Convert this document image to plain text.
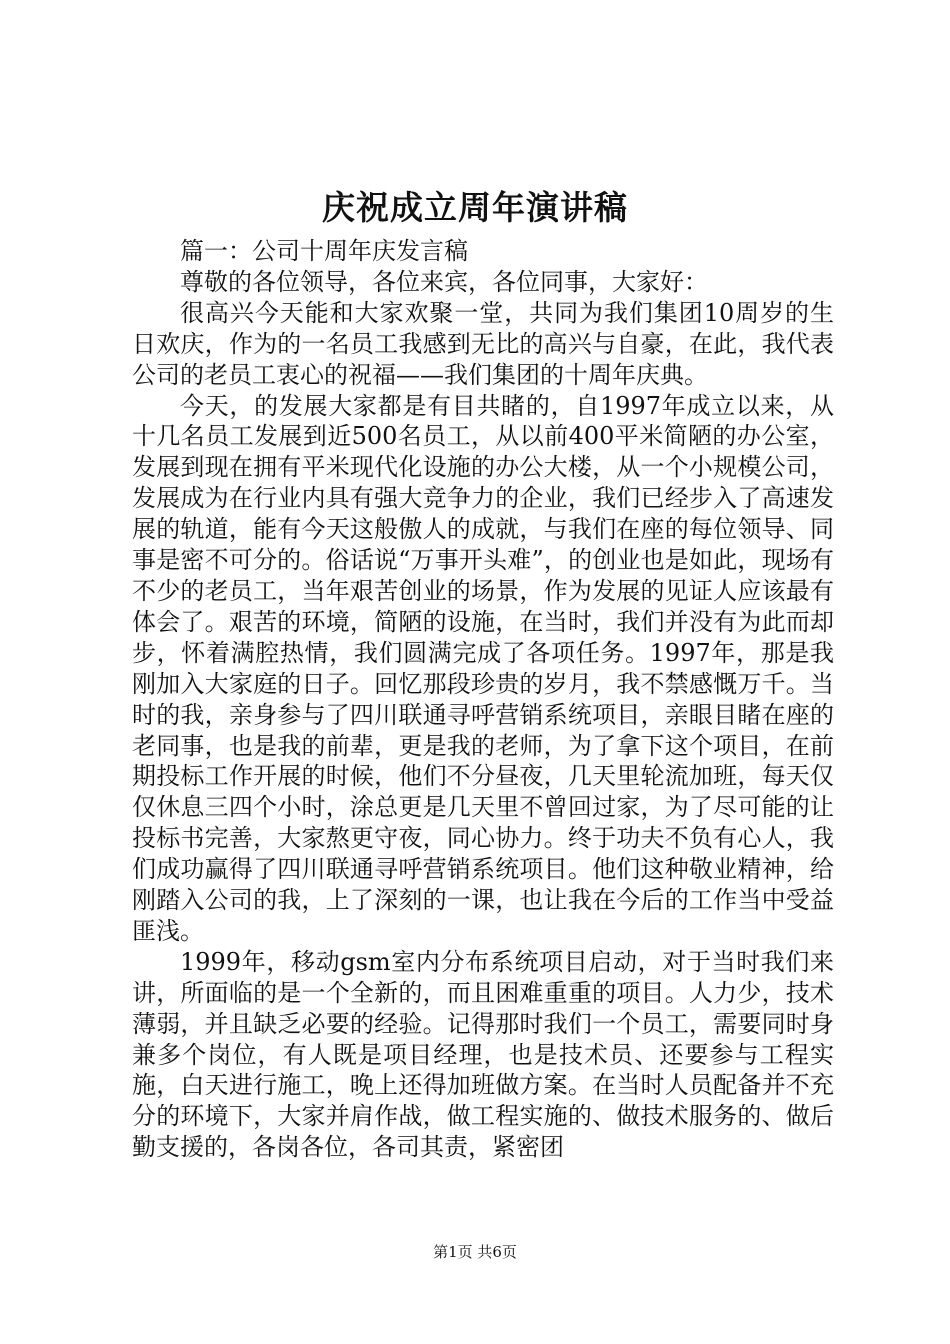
庆祝成立周年演讲稿

篇一：公司十周年庆发言稿

尊敬的各位领导，各位来宾，各位同事，大家好：

很高兴今天能和大家欢聚一堂，共同为我们集团10周岁的生日欢庆，作为的一名员工我感到无比的高兴与自豪，在此，我代表公司的老员工衷心的祝福——我们集团的十周年庆典。

今天，的发展大家都是有目共睹的，自1997年成立以来，从十几名员工发展到近500名员工，从以前400平米简陋的办公室，发展到现在拥有平米现代化设施的办公大楼，从一个小规模公司，发展成为在行业内具有强大竞争力的企业，我们已经步入了高速发展的轨道，能有今天这般傲人的成就，与我们在座的每位领导、同事是密不可分的。俗话说“万事开头难”，的创业也是如此，现场有不少的老员工，当年艰苦创业的场景，作为发展的见证人应该最有体会了。艰苦的环境，简陋的设施，在当时，我们并没有为此而却步，怀着满腔热情，我们圆满完成了各项任务。1997年，那是我刚加入大家庭的日子。回忆那段珍贵的岁月，我不禁感慨万千。当时的我，亲身参与了四川联通寻呼营销系统项目，亲眼目睹在座的老同事，也是我的前辈，更是我的老师，为了拿下这个项目，在前期投标工作开展的时候，他们不分昼夜，几天里轮流加班，每天仅仅休息三四个小时，涂总更是几天里不曾回过家，为了尽可能的让投标书完善，大家熬更守夜，同心协力。终于功夫不负有心人，我们成功赢得了四川联通寻呼营销系统项目。他们这种敬业精神，给刚踏入公司的我，上了深刻的一课，也让我在今后的工作当中受益匪浅。

1999年，移动gsm室内分布系统项目启动，对于当时我们来讲，所面临的是一个全新的，而且困难重重的项目。人力少，技术薄弱，并且缺乏必要的经验。记得那时我们一个员工，需要同时身兼多个岗位，有人既是项目经理，也是技术员、还要参与工程实施，白天进行施工，晚上还得加班做方案。在当时人员配备并不充分的环境下，大家并肩作战，做工程实施的、做技术服务的、做后勤支援的，各岗各位，各司其责，紧密团

第1页 共6页
